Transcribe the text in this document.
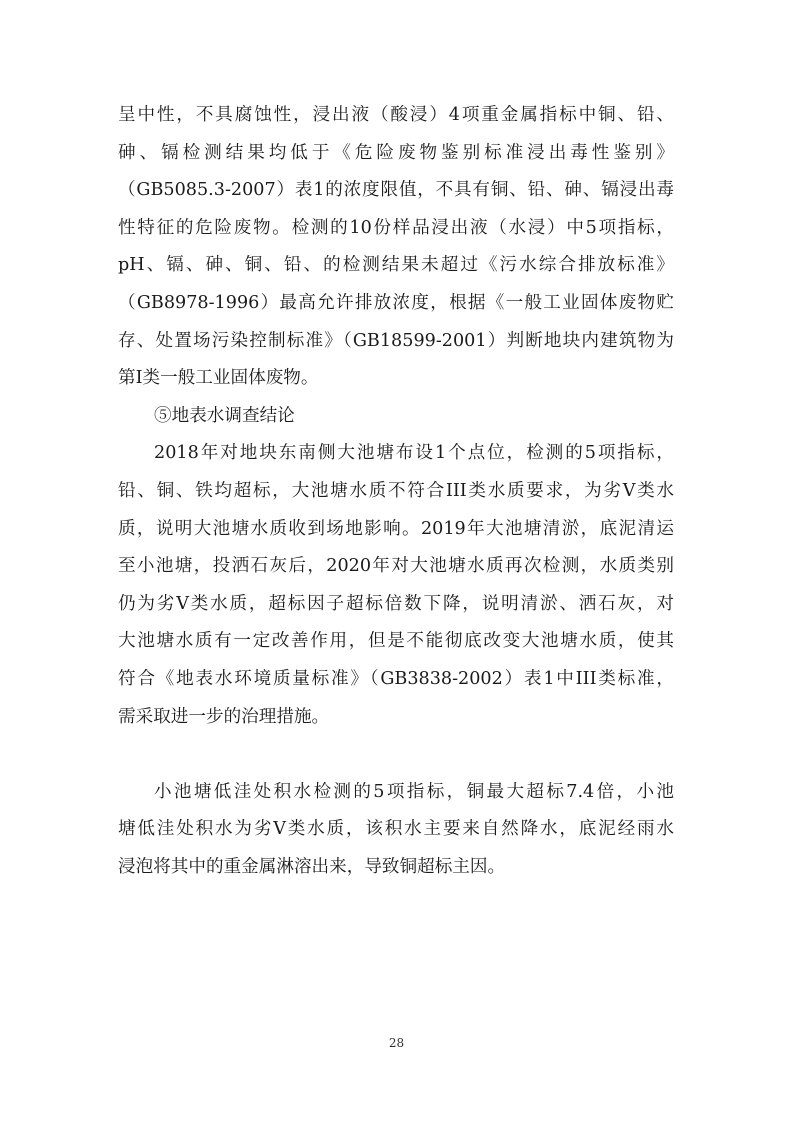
呈中性，不具腐蚀性，浸出液（酸浸）4项重金属指标中铜、铅、
砷、镉检测结果均低于《危险废物鉴别标准浸出毒性鉴别》
（GB5085.3-2007）表1的浓度限值，不具有铜、铅、砷、镉浸出毒
性特征的危险废物。检测的10份样品浸出液（水浸）中5项指标，
pH、镉、砷、铜、铅、的检测结果未超过《污水综合排放标准》
（GB8978-1996）最高允许排放浓度，根据《一般工业固体废物贮
存、处置场污染控制标准》（GB18599-2001）判断地块内建筑物为
第I类一般工业固体废物。
⑤地表水调查结论
2018年对地块东南侧大池塘布设1个点位，检测的5项指标，
铅、铜、铁均超标，大池塘水质不符合III类水质要求，为劣V类水
质，说明大池塘水质收到场地影响。2019年大池塘清淤，底泥清运
至小池塘，投洒石灰后，2020年对大池塘水质再次检测，水质类别
仍为劣V类水质，超标因子超标倍数下降，说明清淤、洒石灰，对
大池塘水质有一定改善作用，但是不能彻底改变大池塘水质，使其
符合《地表水环境质量标准》（GB3838-2002）表1中III类标准，
需采取进一步的治理措施。
小池塘低洼处积水检测的5项指标，铜最大超标7.4倍，小池
塘低洼处积水为劣V类水质，该积水主要来自然降水，底泥经雨水
浸泡将其中的重金属淋溶出来，导致铜超标主因。
28
